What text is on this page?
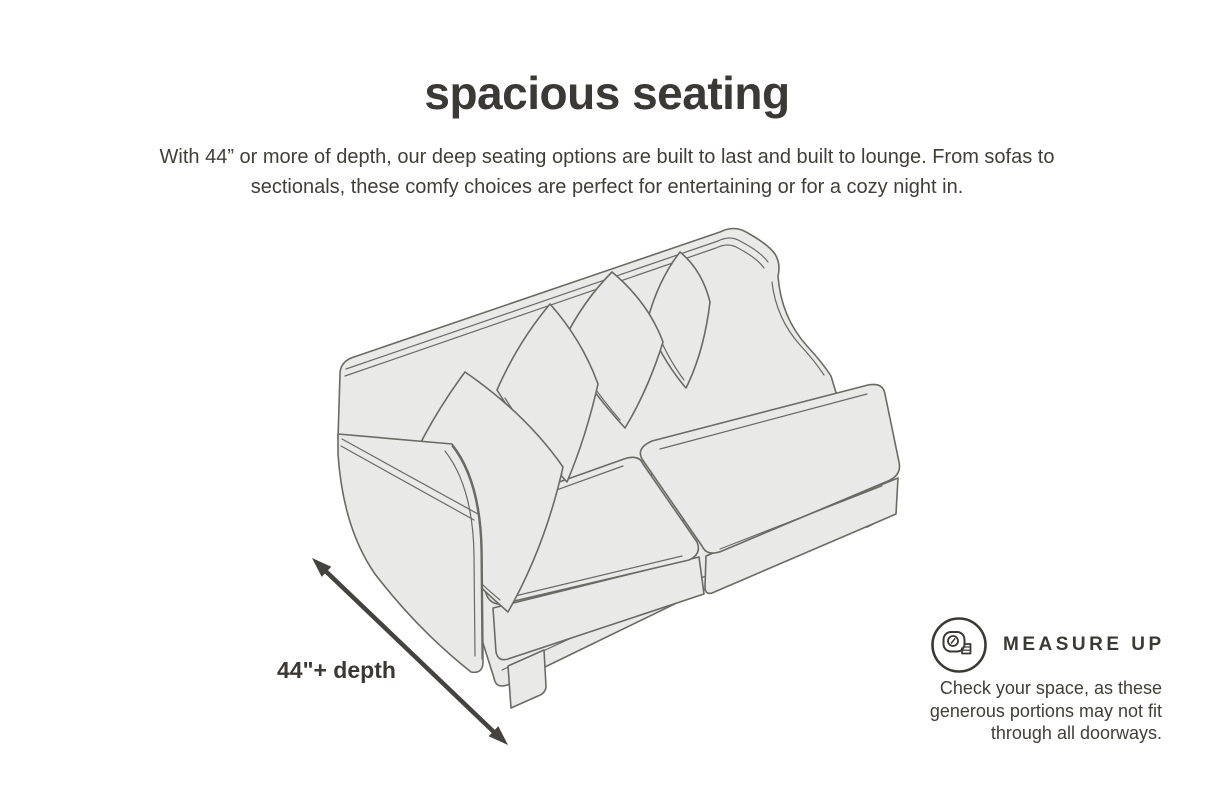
spacious seating

With 44” or more of depth, our deep seating options are built to last and built to lounge. From sofas to sectionals, these comfy choices are perfect for entertaining or for a cozy night in.

44"+ depth

MEASURE UP

Check your space, as these generous portions may not fit through all doorways.
